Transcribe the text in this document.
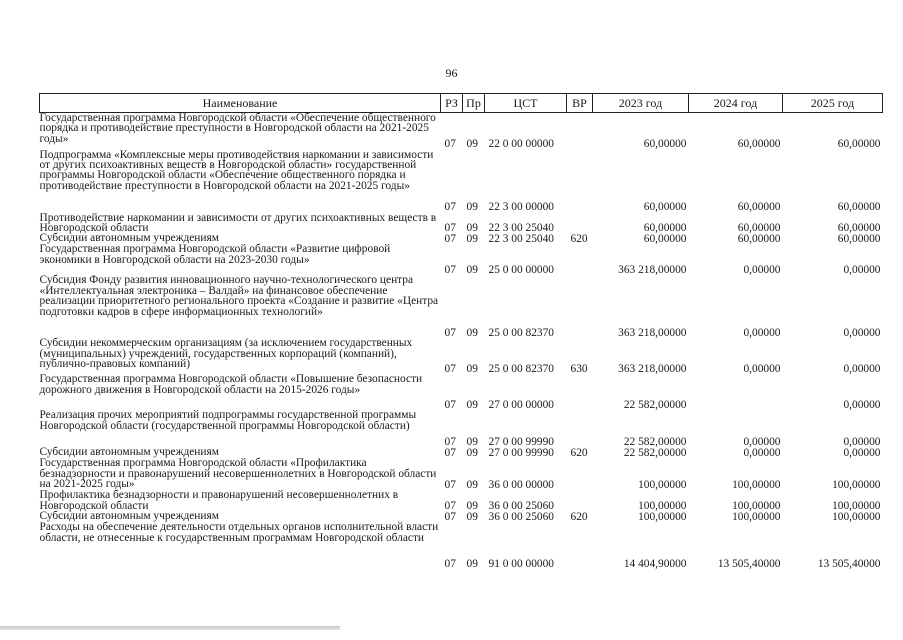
96
Наименование	РЗ	Пр	ЦСТ	ВР	2023 год	2024 год	2025 год
Государственная программа Новгородской области «Обеспечение общественного порядка и противодействие преступности в Новгородской области на 2021-2025 годы»	07	09	22 0 00 00000		60,00000	60,00000	60,00000
Подпрограмма «Комплексные меры противодействия наркомании и зависимости от других психоактивных веществ в Новгородской области» государственной программы Новгородской области «Обеспечение общественного порядка и противодействие преступности в Новгородской области на 2021-2025 годы»	07	09	22 3 00 00000		60,00000	60,00000	60,00000
Противодействие наркомании и зависимости от других психоактивных веществ в Новгородской области	07	09	22 3 00 25040		60,00000	60,00000	60,00000
Субсидии автономным учреждениям	07	09	22 3 00 25040	620	60,00000	60,00000	60,00000
Государственная программа Новгородской области «Развитие цифровой экономики в Новгородской области на 2023-2030 годы»	07	09	25 0 00 00000		363 218,00000	0,00000	0,00000
Субсидия Фонду развития инновационного научно-технологического центра «Интеллектуальная электроника – Валдай» на финансовое обеспечение реализации приоритетного регионального проекта «Создание и развитие «Центра подготовки кадров в сфере информационных технологий»	07	09	25 0 00 82370		363 218,00000	0,00000	0,00000
Субсидии некоммерческим организациям (за исключением государственных (муниципальных) учреждений, государственных корпораций (компаний), публично-правовых компаний)	07	09	25 0 00 82370	630	363 218,00000	0,00000	0,00000
Государственная программа Новгородской области «Повышение безопасности дорожного движения в Новгородской области на 2015-2026 годы»	07	09	27 0 00 00000		22 582,00000		0,00000
Реализация прочих мероприятий подпрограммы государственной программы Новгородской области (государственной программы Новгородской области)	07	09	27 0 00 99990		22 582,00000	0,00000	0,00000
Субсидии автономным учреждениям	07	09	27 0 00 99990	620	22 582,00000	0,00000	0,00000
Государственная программа Новгородской области «Профилактика безнадзорности и правонарушений несовершеннолетних в Новгородской области на 2021-2025 годы»	07	09	36 0 00 00000		100,00000	100,00000	100,00000
Профилактика безнадзорности и правонарушений несовершеннолетних в Новгородской области	07	09	36 0 00 25060		100,00000	100,00000	100,00000
Субсидии автономным учреждениям	07	09	36 0 00 25060	620	100,00000	100,00000	100,00000
Расходы на обеспечение деятельности отдельных органов исполнительной власти области, не отнесенные к государственным программам Новгородской области	07	09	91 0 00 00000		14 404,90000	13 505,40000	13 505,40000
